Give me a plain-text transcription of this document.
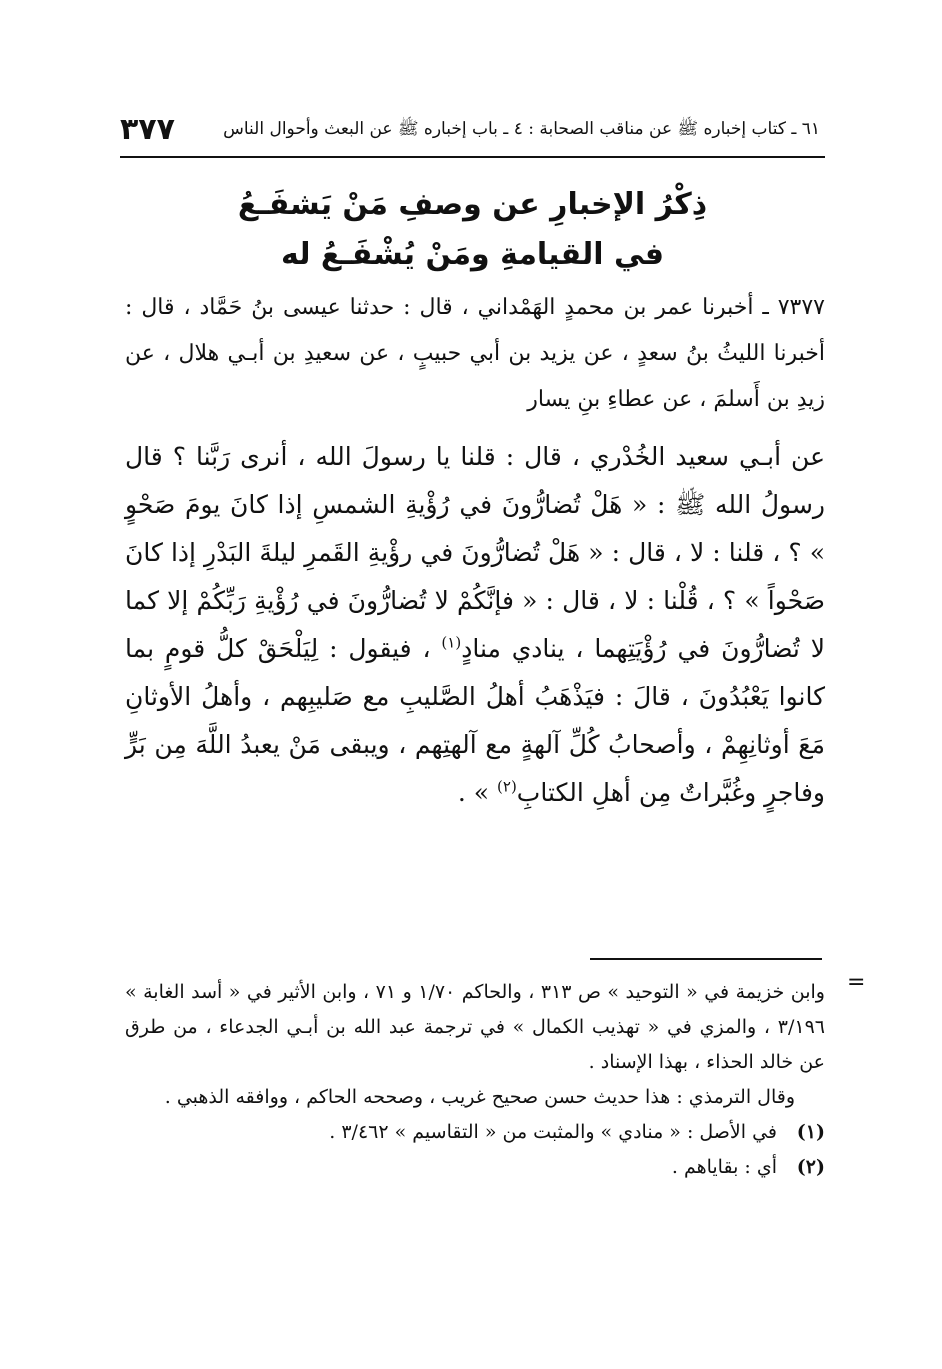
٦١ ـ كتاب إخباره ﷺ عن مناقب الصحابة : ٤ ـ باب إخباره ﷺ عن البعث وأحوال الناس
٣٧٧
ذِكْرُ الإخبارِ عن وصفِ مَنْ يَشفَـعُ
في القيامةِ ومَنْ يُشْفَـعُ له

٧٣٧٧ ـ أخبرنا عمر بن محمدٍ الهَمْداني ، قال : حدثنا عيسى بنُ حَمَّاد ، قال : أخبرنا الليثُ بنُ سعدٍ ، عن يزيد بن أبي حبيبٍ ، عن سعيدِ بن أبـي هلال ، عن زيدِ بن أَسلمَ ، عن عطاءِ بنِ يسار

عن أبـي سعيد الخُدْري ، قال : قلنا يا رسولَ الله ، أنرى رَبَّنا ؟ قال رسولُ الله ﷺ : « هَلْ تُضارُّونَ في رُؤْيةِ الشمسِ إذا كانَ يومَ صَحْوٍ » ؟ ، قلنا : لا ، قال : « هَلْ تُضارُّونَ في رؤْيةِ القَمرِ ليلةَ البَدْرِ إذا كانَ صَحْواً » ؟ ، قُلْنا : لا ، قال : « فإنَّكُمْ لا تُضارُّونَ في رُؤْيةِ رَبِّكُمْ إلا كما لا تُضارُّونَ في رُؤْيَتِهما ، ينادي منادٍ$^{(١)}$ ، فيقول : لِيَلْحَقْ كلُّ قومٍ بما كانوا يَعْبُدُونَ ، قالَ : فيَذْهَبُ أهلُ الصَّليبِ مع صَليبِهم ، وأهلُ الأوثانِ مَعَ أوثانِهِمْ ، وأصحابُ كُلِّ آلهةٍ مع آلهتِهم ، ويبقى مَنْ يعبدُ اللَّهَ مِن بَرٍّ وفاجرٍ وغُبَّراتٌ مِن أهلِ الكتابِ$^{(٢)}$ » .

=

وابن خزيمة في « التوحيد » ص ٣١٣ ، والحاكم ١/٧٠ و ٧١ ، وابن الأثير في « أسد الغابة » ٣/١٩٦ ، والمزي في « تهذيب الكمال » في ترجمة عبد الله بن أبـي الجدعاء ، من طرق عن خالد الحذاء ، بهذا الإسناد .

وقال الترمذي : هذا حديث حسن صحيح غريب ، وصححه الحاكم ، ووافقه الذهبي .

(١)
في الأصل : « منادي » والمثبت من « التقاسيم » ٣/٤٦٢ .
(٢)
أي : بقاياهم .
